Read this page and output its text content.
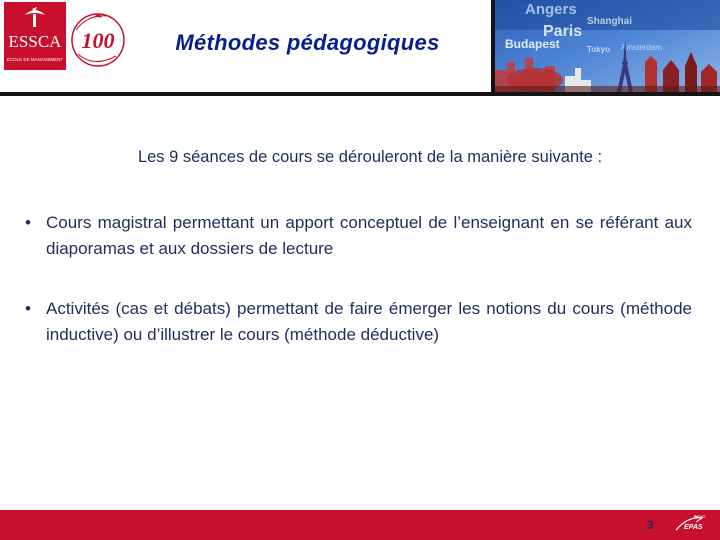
ESSCA
ÉCOLE DE MANAGEMENT
100	Méthodes pédagogiques
Angers
Shanghai
Paris
Budapest	Tokyo Amsterdam
Les 9 séances de cours se dérouleront de la manière suivante :
• Cours magistral permettant un apport conceptuel de l’enseignant en se référant aux diaporamas et aux dossiers de lecture
• Activités (cas et débats) permettant de faire émerger les notions du cours (méthode inductive) ou d’illustrer le cours (méthode déductive)
3
EFMD
EPAS
